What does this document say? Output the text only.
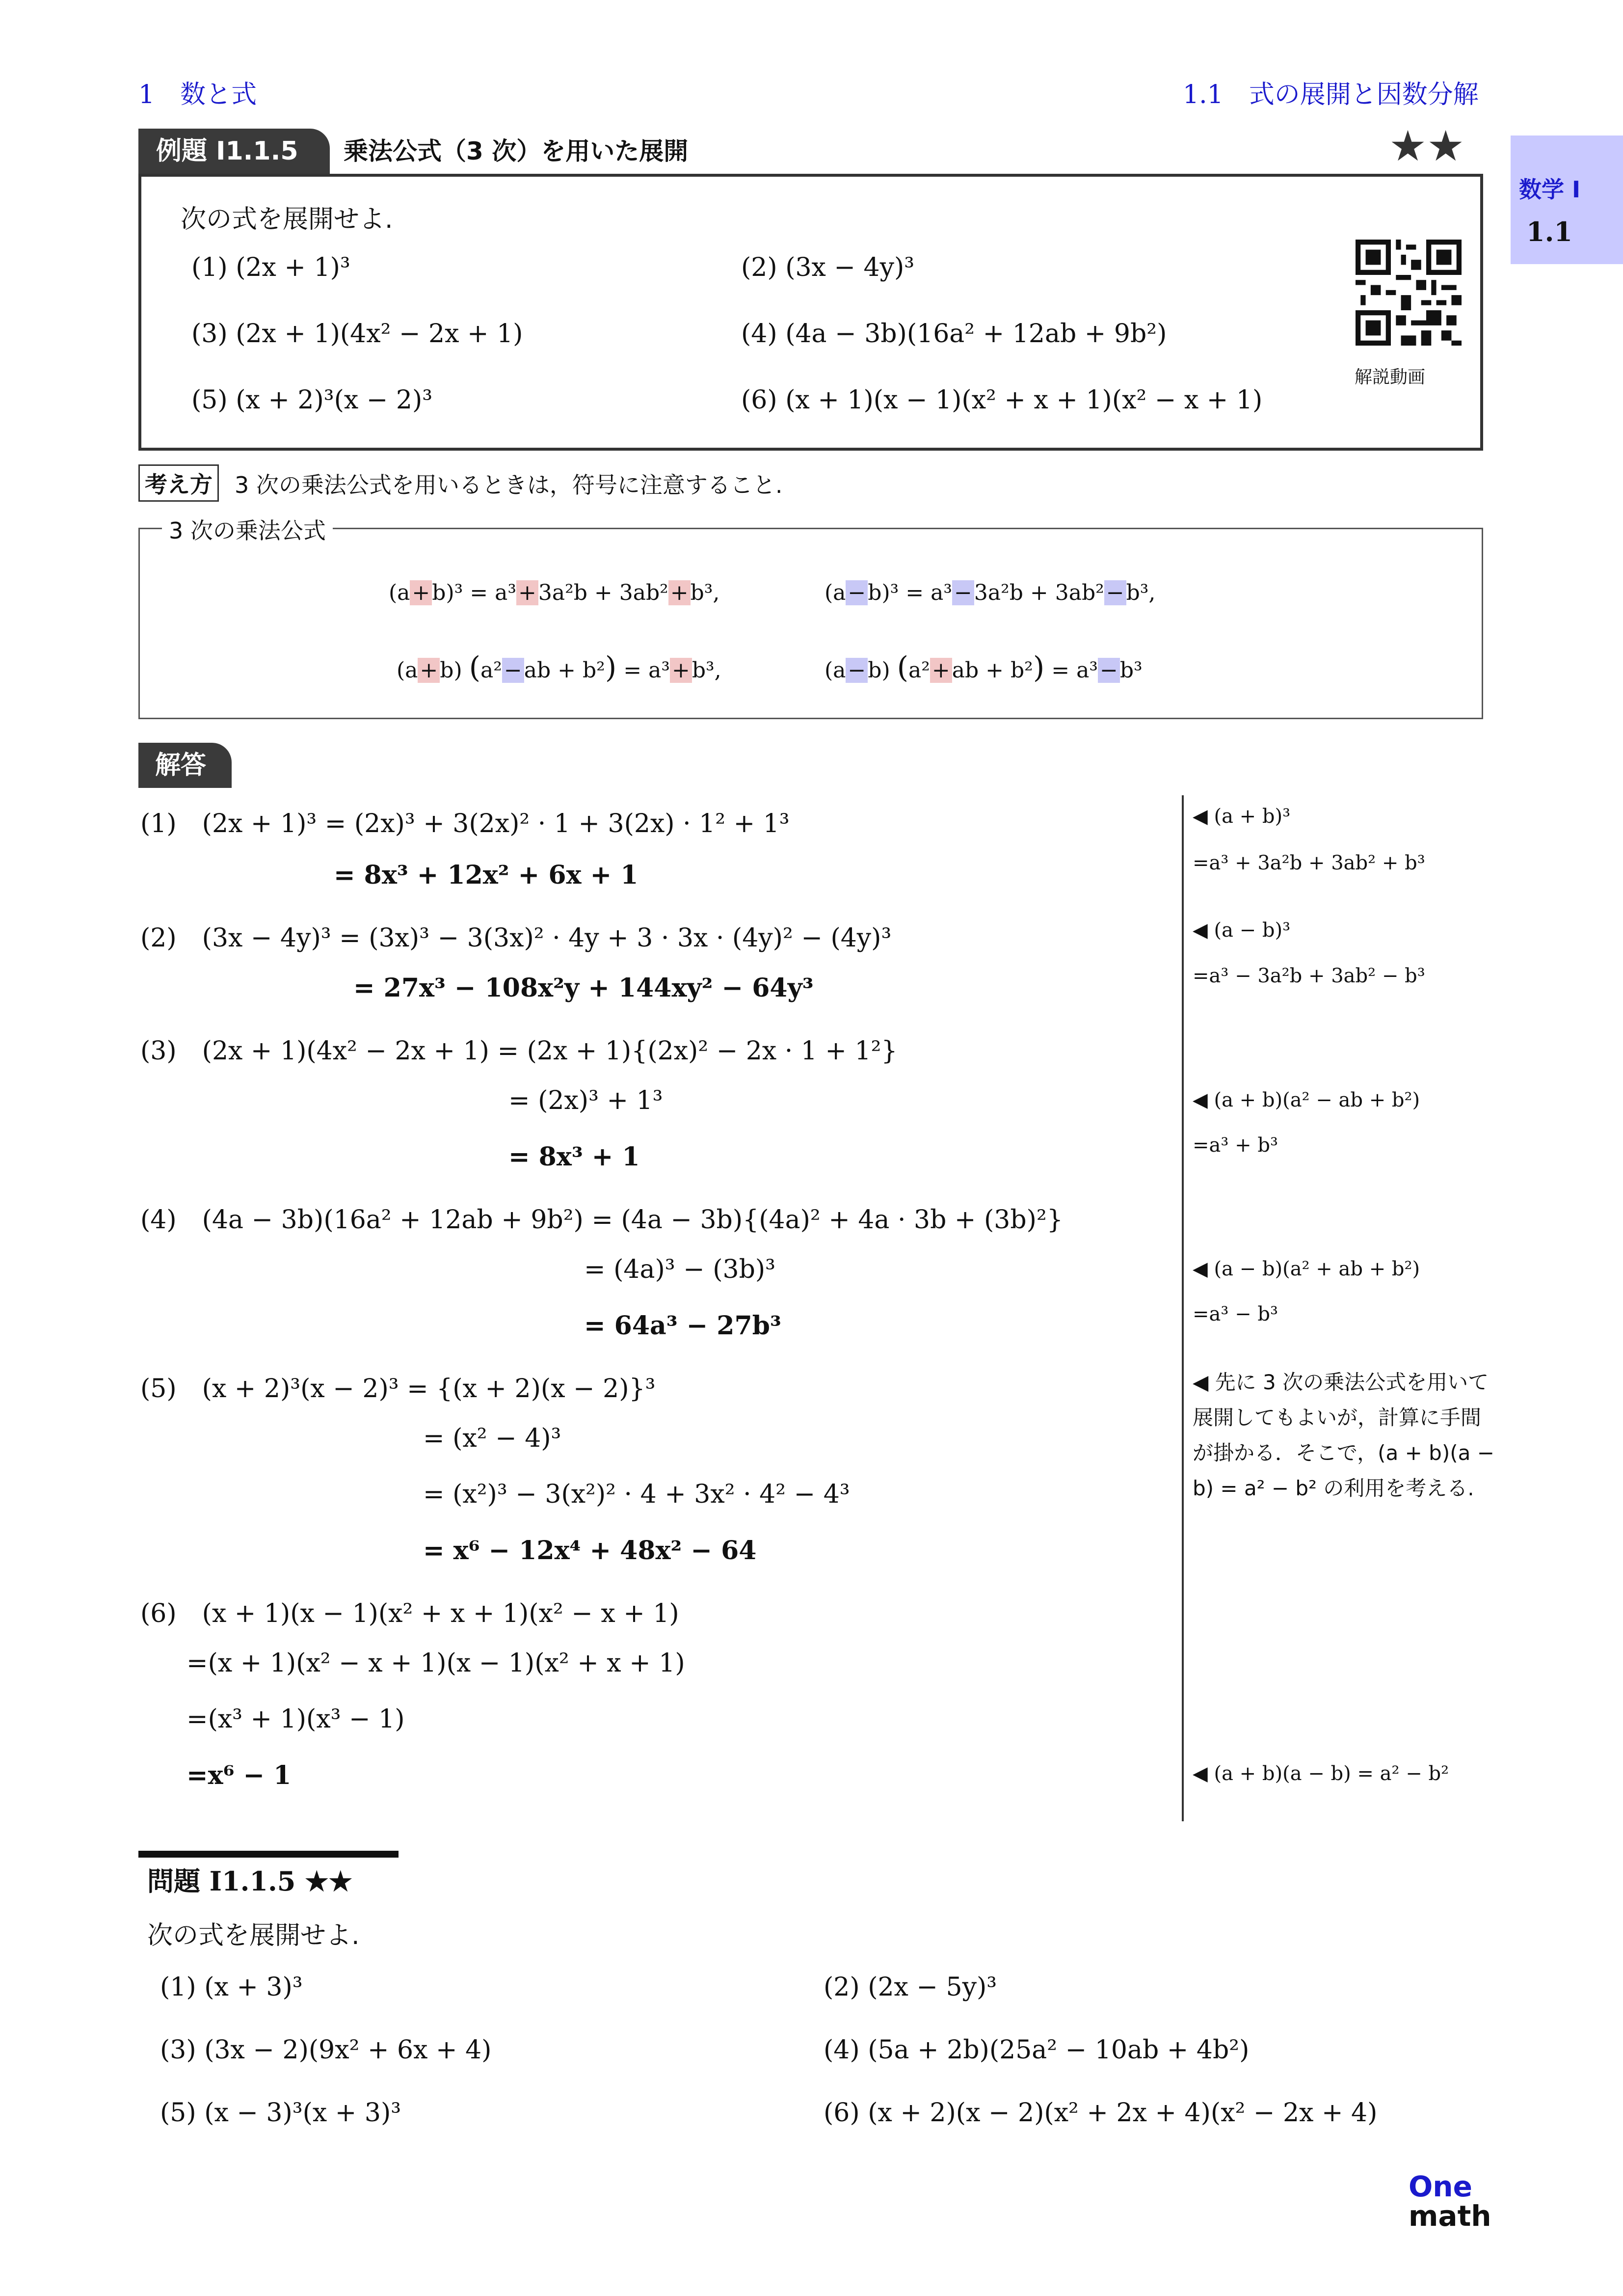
1　数と式	1.1　式の展開と因数分解
数学 I
1.1
例題 I1.1.5	乗法公式（3 次）を用いた展開	★★
次の式を展開せよ.
(1) (2x + 1)³	(2) (3x − 4y)³
(3) (2x + 1)(4x² − 2x + 1)	(4) (4a − 3b)(16a² + 12ab + 9b²)
(5) (x + 2)³(x − 2)³	(6) (x + 1)(x − 1)(x² + x + 1)(x² − x + 1)
解説動画
考え方 3 次の乗法公式を用いるときは，符号に注意すること.
3 次の乗法公式
(a+b)³ = a³+3a²b + 3ab²+b³,	(a−b)³ = a³−3a²b + 3ab²−b³,
(a+b) (a²−ab + b²) = a³+b³,	(a−b) (a²+ab + b²) = a³−b³
解答
(1)　(2x + 1)³ = (2x)³ + 3(2x)² · 1 + 3(2x) · 1² + 1³
= 8x³ + 12x² + 6x + 1
(2)　(3x − 4y)³ = (3x)³ − 3(3x)² · 4y + 3 · 3x · (4y)² − (4y)³
= 27x³ − 108x²y + 144xy² − 64y³
(3)　(2x + 1)(4x² − 2x + 1) = (2x + 1){(2x)² − 2x · 1 + 1²}
= (2x)³ + 1³
= 8x³ + 1
(4)　(4a − 3b)(16a² + 12ab + 9b²) = (4a − 3b){(4a)² + 4a · 3b + (3b)²}
= (4a)³ − (3b)³
= 64a³ − 27b³
(5)　(x + 2)³(x − 2)³ = {(x + 2)(x − 2)}³
= (x² − 4)³
= (x²)³ − 3(x²)² · 4 + 3x² · 4² − 4³
= x⁶ − 12x⁴ + 48x² − 64
(6)　(x + 1)(x − 1)(x² + x + 1)(x² − x + 1)
=(x + 1)(x² − x + 1)(x − 1)(x² + x + 1)
=(x³ + 1)(x³ − 1)
=x⁶ − 1
◀ (a + b)³
=a³ + 3a²b + 3ab² + b³
◀ (a − b)³
=a³ − 3a²b + 3ab² − b³
◀ (a + b)(a² − ab + b²)
=a³ + b³
◀ (a − b)(a² + ab + b²)
=a³ − b³
◀ 先に 3 次の乗法公式を用いて展開してもよいが，計算に手間が掛かる．そこで，(a + b)(a − b) = a² − b² の利用を考える.
◀ (a + b)(a − b) = a² − b²
問題 I1.1.5 ★★
次の式を展開せよ.
(1) (x + 3)³	(2) (2x − 5y)³
(3) (3x − 2)(9x² + 6x + 4)	(4) (5a + 2b)(25a² − 10ab + 4b²)
(5) (x − 3)³(x + 3)³	(6) (x + 2)(x − 2)(x² + 2x + 4)(x² − 2x + 4)
One
math
